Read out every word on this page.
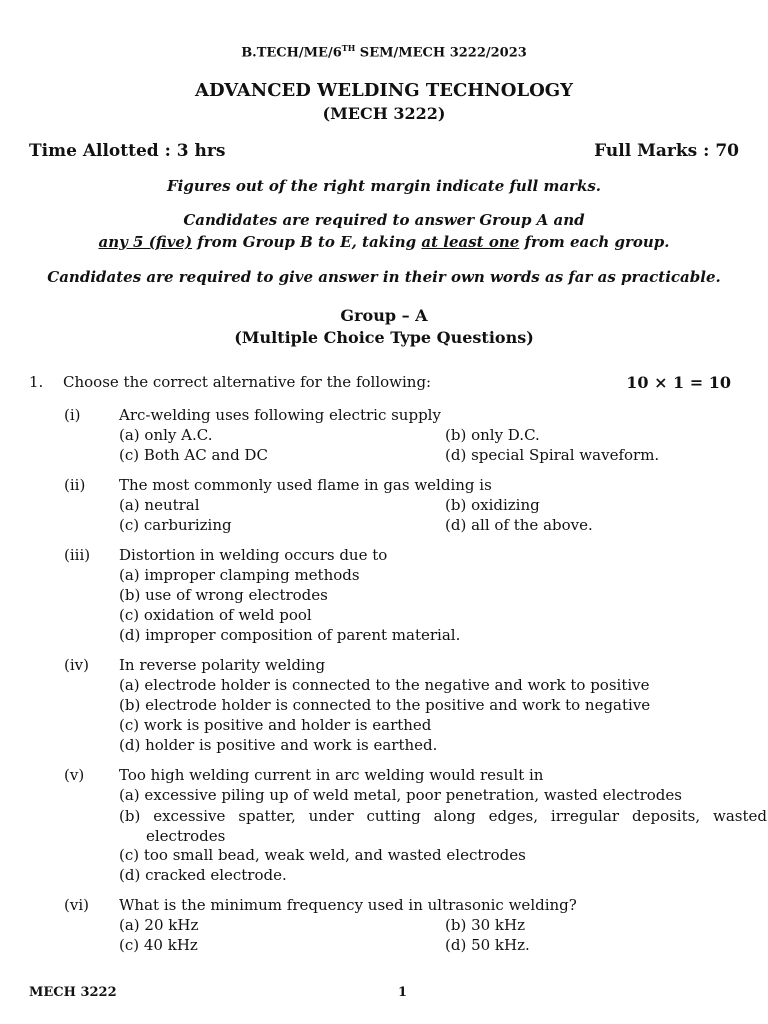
B.TECH/ME/6TH SEM/MECH 3222/2023
ADVANCED WELDING TECHNOLOGY
(MECH 3222)
Time Allotted : 3 hrs	Full Marks : 70
Figures out of the right margin indicate full marks.
Candidates are required to answer Group A and
any 5 (five) from Group B to E, taking at least one from each group.
Candidates are required to give answer in their own words as far as practicable.
Group – A
(Multiple Choice Type Questions)
1. Choose the correct alternative for the following:	10 × 1 = 10
(i)	Arc-welding uses following electric supply
(a) only A.C.	(b) only D.C.
(c) Both AC and DC	(d) special Spiral waveform.
(ii) The most commonly used flame in gas welding is
(a) neutral	(b) oxidizing
(c) carburizing	(d) all of the above.
(iii) Distortion in welding occurs due to
(a) improper clamping methods
(b) use of wrong electrodes
(c) oxidation of weld pool
(d) improper composition of parent material.
(iv) In reverse polarity welding
(a) electrode holder is connected to the negative and work to positive
(b) electrode holder is connected to the positive and work to negative
(c) work is positive and holder is earthed
(d) holder is positive and work is earthed.
(v) Too high welding current in arc welding would result in
(a) excessive piling up of weld metal, poor penetration, wasted electrodes
(b) excessive spatter, under cutting along edges, irregular deposits, wasted electrodes
(c) too small bead, weak weld, and wasted electrodes
(d) cracked electrode.
(vi) What is the minimum frequency used in ultrasonic welding?
(a) 20 kHz	(b) 30 kHz
(c) 40 kHz	(d) 50 kHz.
MECH 3222	1
